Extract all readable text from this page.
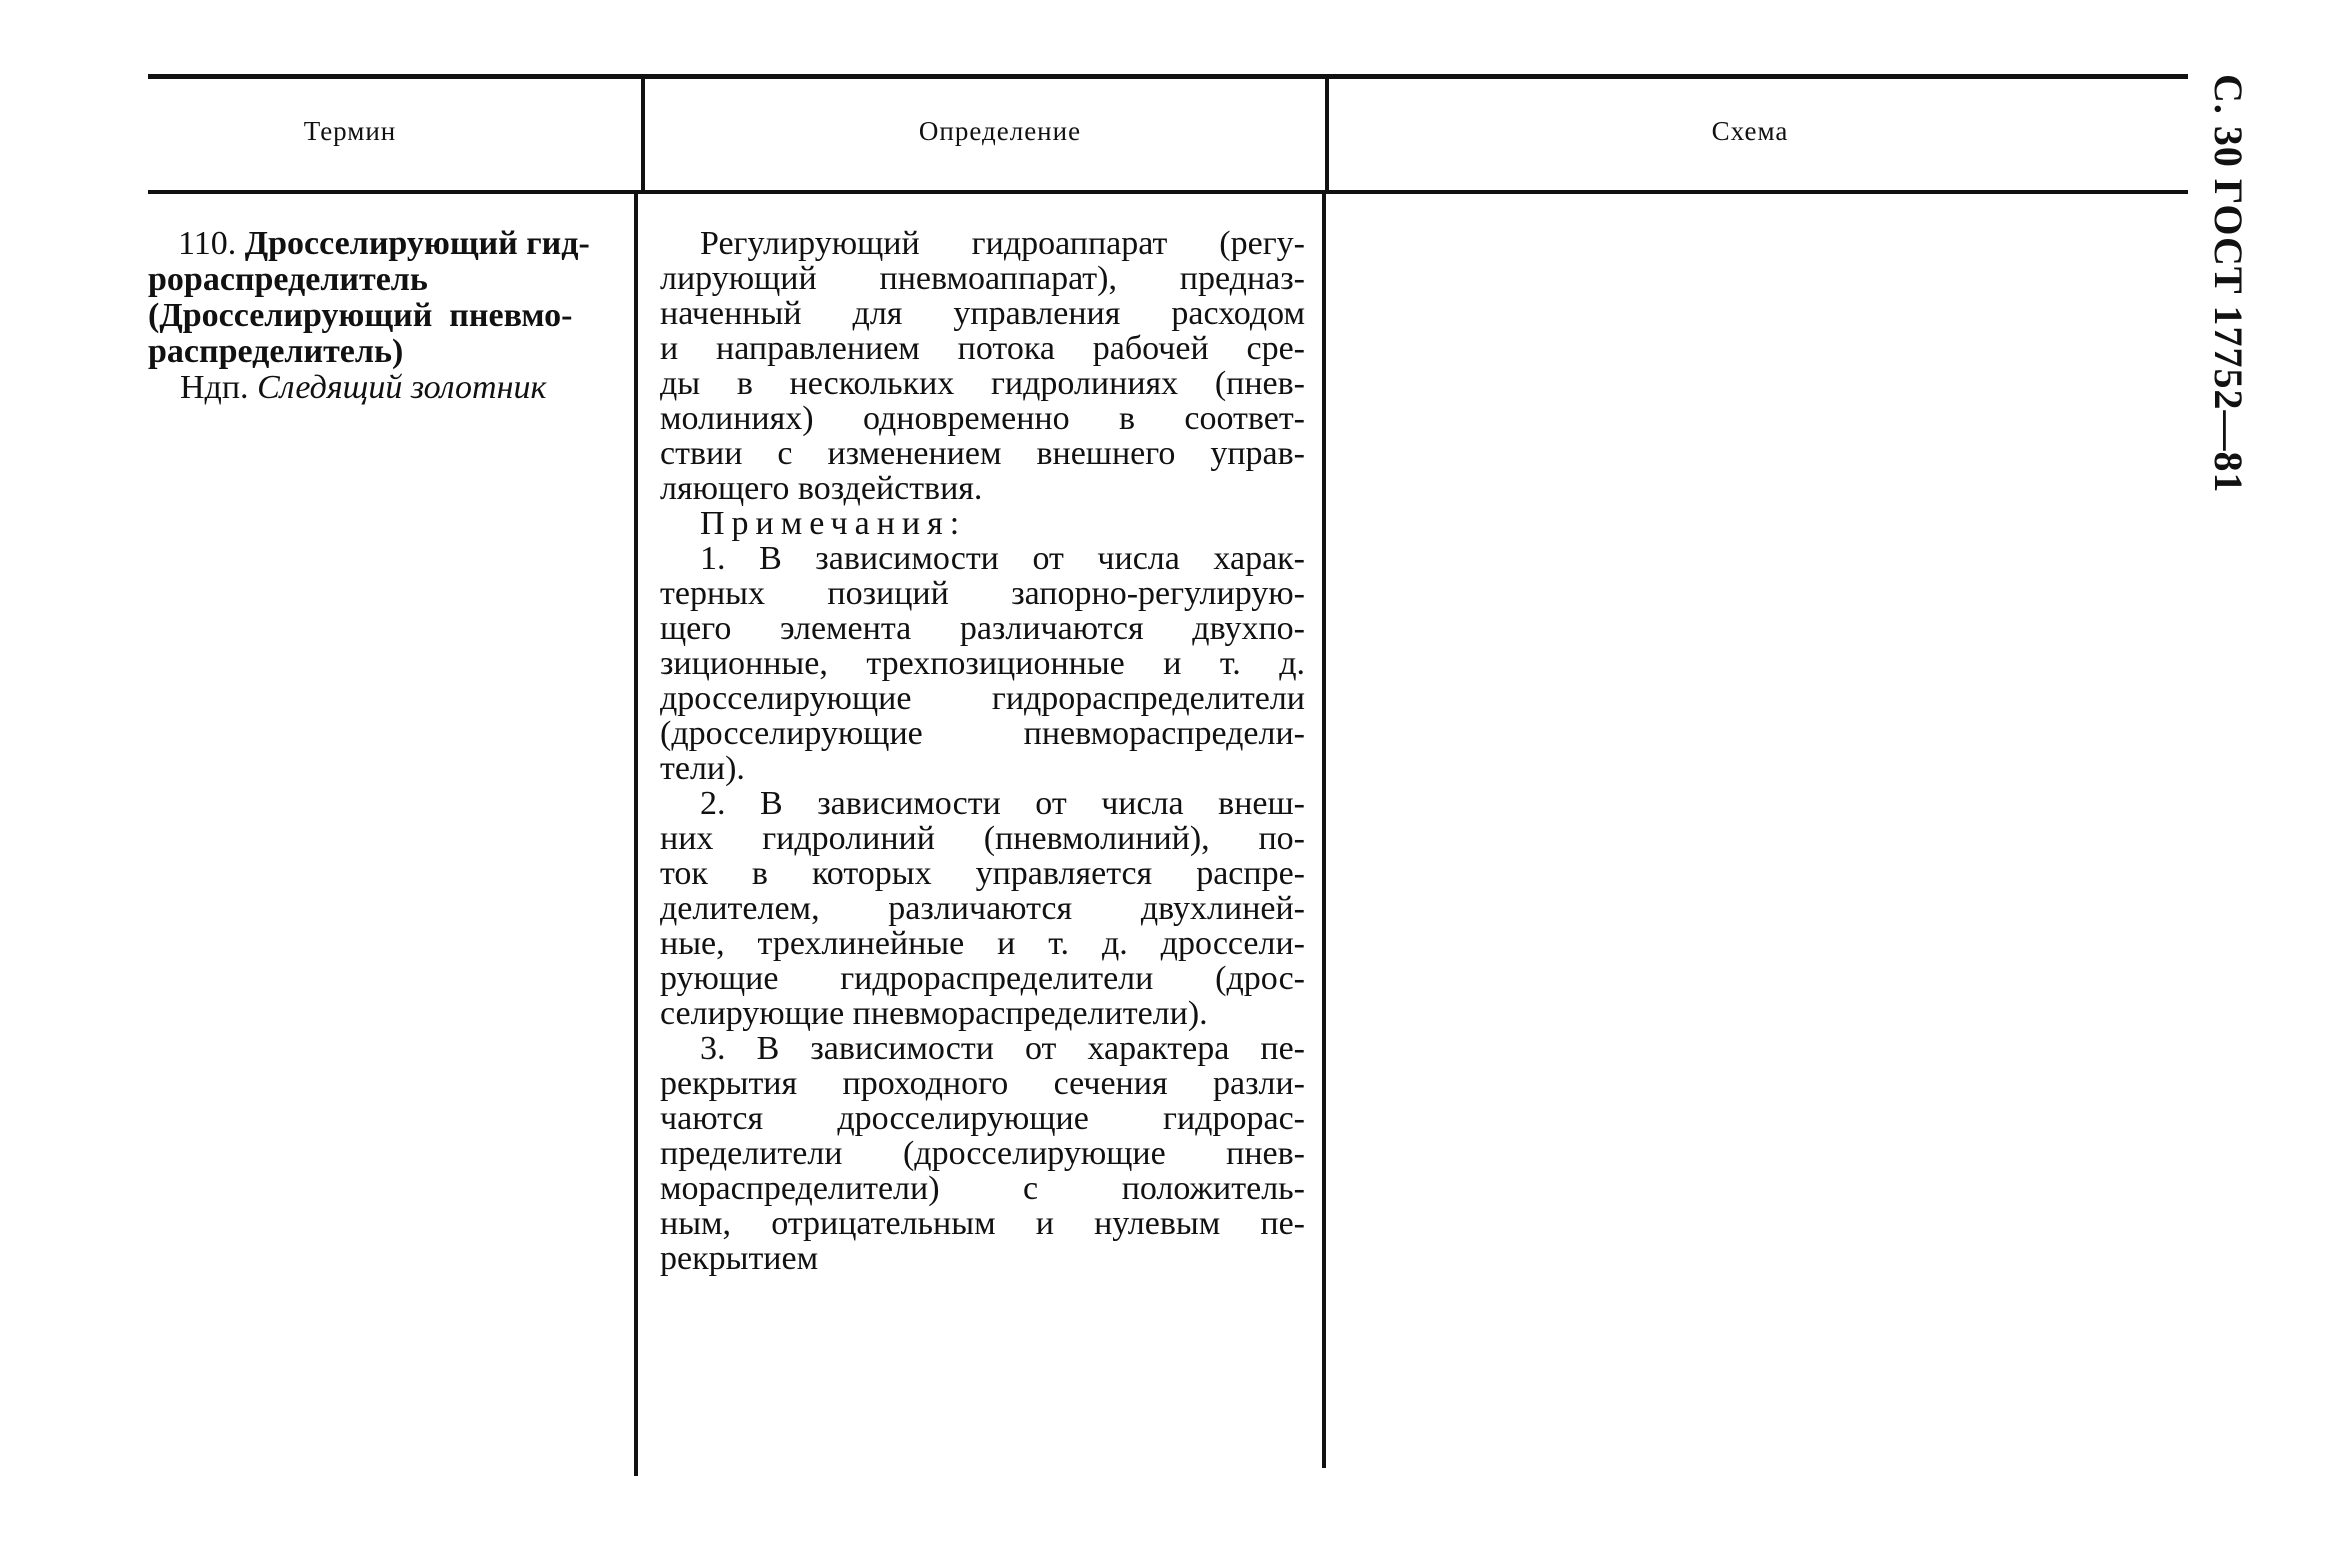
Термин	Определение	Схема
110. Дросселирующий гид-
рораспределитель
(Дросселирующий  пневмо-
распределитель)
Ндп. Следящий золотник
Регулирующий гидроаппарат (регу-
лирующий пневмоаппарат), предназ-
наченный для управления расходом
и направлением потока рабочей сре-
ды в нескольких гидролиниях (пнев-
молиниях) одновременно в соответ-
ствии с изменением внешнего управ-
ляющего воздействия.
Примечания:
1. В зависимости от числа харак-
терных позиций запорно-регулирую-
щего элемента различаются двухпо-
зиционные, трехпозиционные и т. д.
дросселирующие гидрораспределители
(дросселирующие пневмораспредели-
тели).
2. В зависимости от числа внеш-
них гидролиний (пневмолиний), по-
ток в которых управляется распре-
делителем, различаются двухлиней-
ные, трехлинейные и т. д. дроссели-
рующие гидрораспределители (дрос-
селирующие пневмораспределители).
3. В зависимости от характера пе-
рекрытия проходного сечения разли-
чаются дросселирующие гидрорас-
пределители (дросселирующие пнев-
мораспределители) с положитель-
ным, отрицательным и нулевым пе-
рекрытием
С. 30 ГОСТ 17752—81
